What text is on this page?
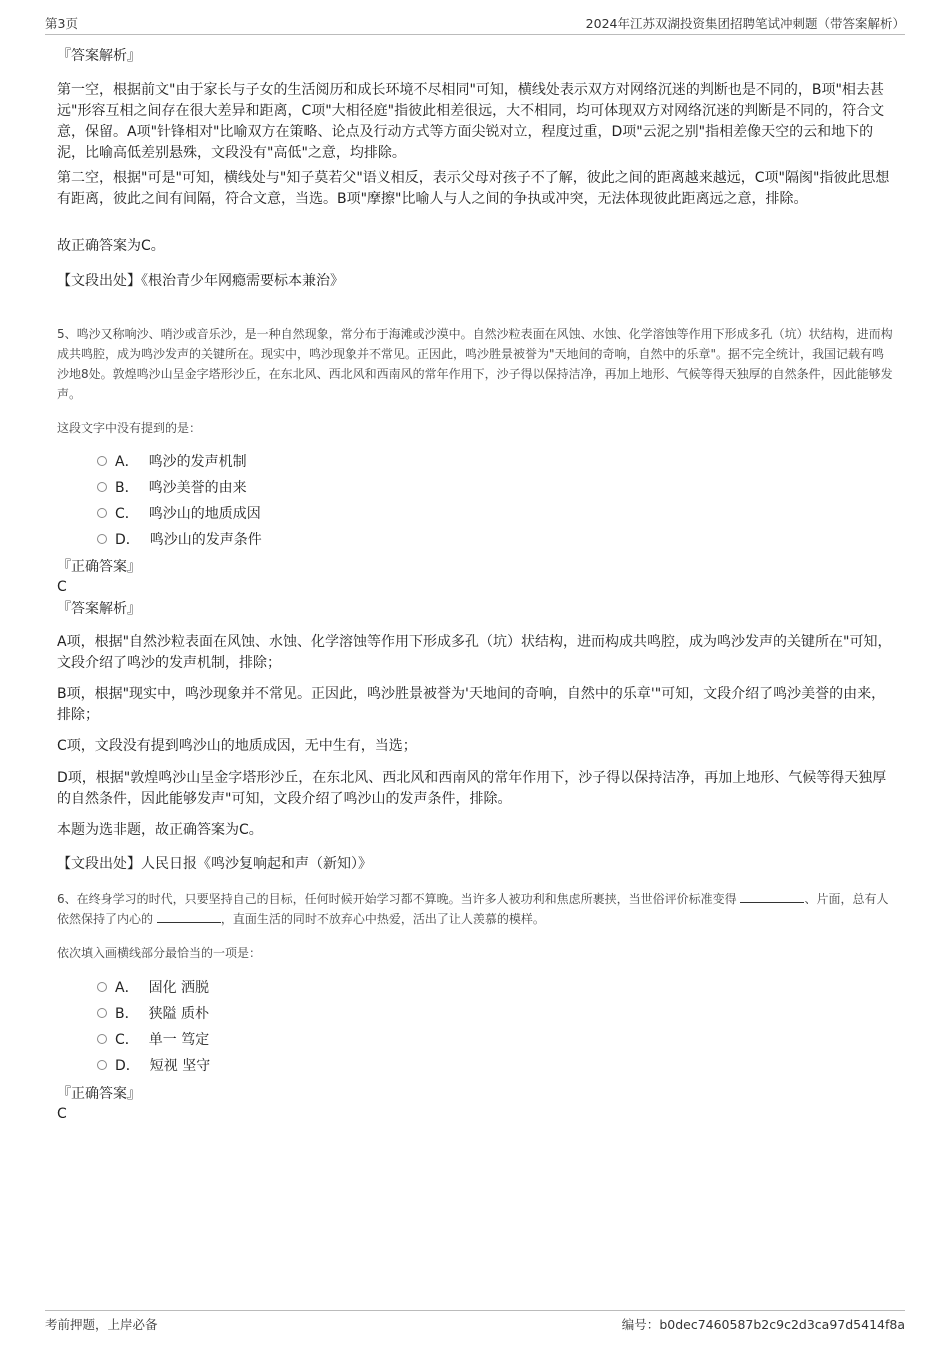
第3页	2024年江苏双湖投资集团招聘笔试冲刺题（带答案解析）
『答案解析』
第一空，根据前文"由于家长与子女的生活阅历和成长环境不尽相同"可知，横线处表示双方对网络沉迷的判断也是不同的，B项"相去甚远"形容互相之间存在很大差异和距离，C项"大相径庭"指彼此相差很远，大不相同，均可体现双方对网络沉迷的判断是不同的，符合文意，保留。A项"针锋相对"比喻双方在策略、论点及行动方式等方面尖锐对立，程度过重，D项"云泥之别"指相差像天空的云和地下的泥，比喻高低差别悬殊，文段没有"高低"之意，均排除。
第二空，根据"可是"可知，横线处与"知子莫若父"语义相反，表示父母对孩子不了解，彼此之间的距离越来越远，C项"隔阂"指彼此思想有距离，彼此之间有间隔，符合文意，当选。B项"摩擦"比喻人与人之间的争执或冲突，无法体现彼此距离远之意，排除。
故正确答案为C。
【文段出处】《根治青少年网瘾需要标本兼治》
5、鸣沙又称响沙、哨沙或音乐沙，是一种自然现象，常分布于海滩或沙漠中。自然沙粒表面在风蚀、水蚀、化学溶蚀等作用下形成多孔（坑）状结构，进而构成共鸣腔，成为鸣沙发声的关键所在。现实中，鸣沙现象并不常见。正因此，鸣沙胜景被誉为"天地间的奇响，自然中的乐章"。据不完全统计，我国记载有鸣沙地8处。敦煌鸣沙山呈金字塔形沙丘，在东北风、西北风和西南风的常年作用下，沙子得以保持洁净，再加上地形、气候等得天独厚的自然条件，因此能够发声。
这段文字中没有提到的是：
A． 鸣沙的发声机制
B． 鸣沙美誉的由来
C． 鸣沙山的地质成因
D． 鸣沙山的发声条件
『正确答案』
C
『答案解析』
A项，根据"自然沙粒表面在风蚀、水蚀、化学溶蚀等作用下形成多孔（坑）状结构，进而构成共鸣腔，成为鸣沙发声的关键所在"可知，文段介绍了鸣沙的发声机制，排除；
B项，根据"现实中，鸣沙现象并不常见。正因此，鸣沙胜景被誉为'天地间的奇响，自然中的乐章'"可知，文段介绍了鸣沙美誉的由来，排除；
C项，文段没有提到鸣沙山的地质成因，无中生有，当选；
D项，根据"敦煌鸣沙山呈金字塔形沙丘，在东北风、西北风和西南风的常年作用下，沙子得以保持洁净，再加上地形、气候等得天独厚的自然条件，因此能够发声"可知，文段介绍了鸣沙山的发声条件，排除。
本题为选非题，故正确答案为C。
【文段出处】人民日报《鸣沙复响起和声（新知）》
6、在终身学习的时代，只要坚持自己的目标，任何时候开始学习都不算晚。当许多人被功利和焦虑所裹挟，当世俗评价标准变得	、片面，总有人依然保持了内心的	，直面生活的同时不放弃心中热爱，活出了让人羡慕的模样。
依次填入画横线部分最恰当的一项是：
A． 固化 洒脱
B． 狭隘 质朴
C． 单一 笃定
D． 短视 坚守
『正确答案』
C
考前押题，上岸必备	编号：b0dec7460587b2c9c2d3ca97d5414f8a
